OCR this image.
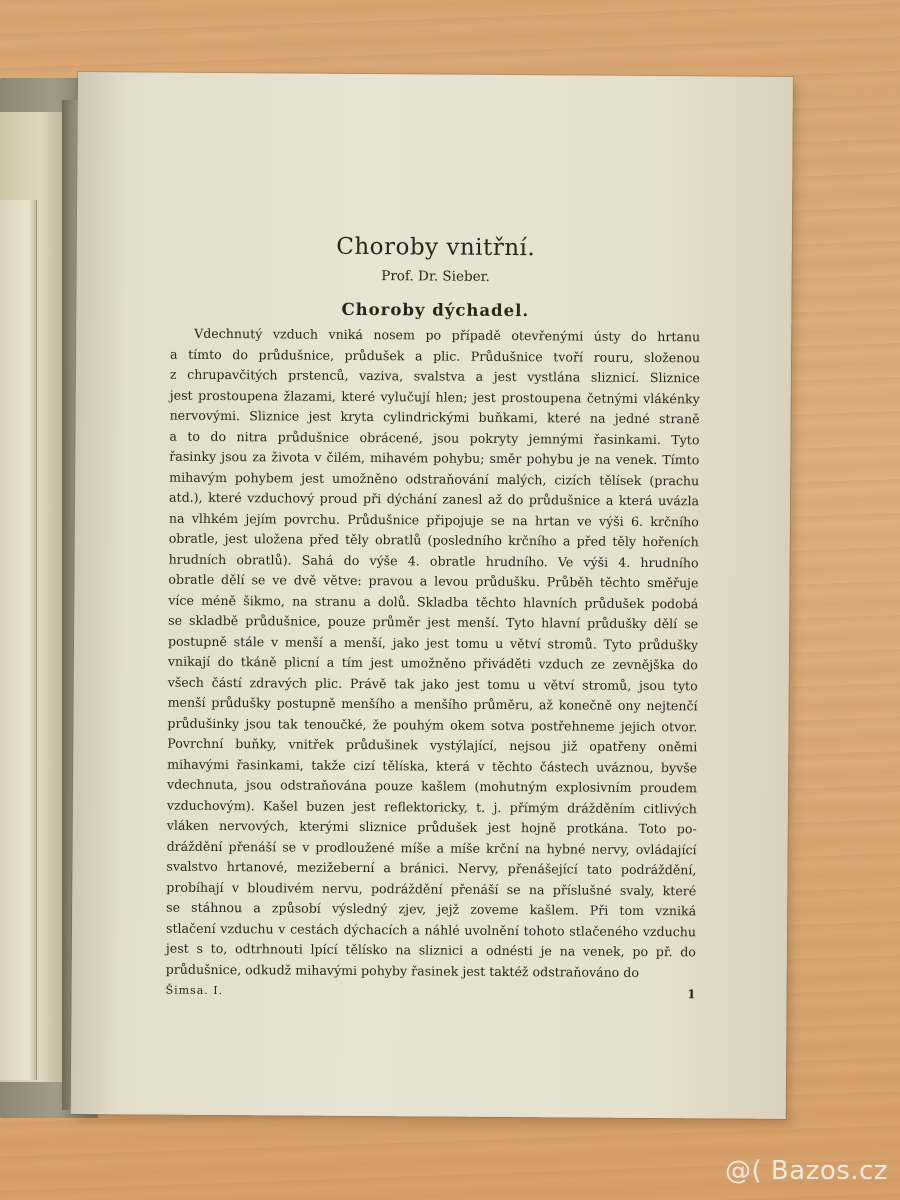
Choroby vnitřní.
Prof. Dr. Sieber.
Choroby dýchadel.
Vdechnutý vzduch vniká nosem po případě otevřenými ústy do hrtanu
a tímto do průdušnice, průdušek a plic. Průdušnice tvoří rouru, složenou
z chrupavčitých prstenců, vaziva, svalstva a jest vystlána sliznicí. Sliznice
jest prostoupena žlazami, které vylučují hlen; jest prostoupena četnými vlákénky
nervovými. Sliznice jest kryta cylindrickými buňkami, které na jedné straně
a to do nitra průdušnice obrácené, jsou pokryty jemnými řasinkami. Tyto
řasinky jsou za života v čilém, mihavém pohybu; směr pohybu je na venek. Tímto
mihavým pohybem jest umožněno odstraňování malých, cizích tělísek (prachu
atd.), které vzduchový proud při dýchání zanesl až do průdušnice a která uvázla
na vlhkém jejím povrchu. Průdušnice připojuje se na hrtan ve výši 6. krčního
obratle, jest uložena před těly obratlů (posledního krčního a před těly hořeních
hrudních obratlů). Sahá do výše 4. obratle hrudního. Ve výši 4. hrudního
obratle dělí se ve dvě větve: pravou a levou průdušku. Průběh těchto směřuje
více méně šikmo, na stranu a dolů. Skladba těchto hlavních průdušek podobá
se skladbě průdušnice, pouze průměr jest menší. Tyto hlavní průdušky dělí se
postupně stále v menší a menší, jako jest tomu u větví stromů. Tyto průdušky
vnikají do tkáně plicní a tím jest umožněno přiváděti vzduch ze zevnějška do
všech částí zdravých plic. Právě tak jako jest tomu u větví stromů, jsou tyto
menší průdušky postupně menšího a menšího průměru, až konečně ony nejtenčí
průdušinky jsou tak tenoučké, že pouhým okem sotva postřehneme jejich otvor.
Povrchní buňky, vnitřek průdušinek vystýlající, nejsou již opatřeny oněmi
mihavými řasinkami, takže cizí tělíska, která v těchto částech uváznou, byvše
vdechnuta, jsou odstraňována pouze kašlem (mohutným explosivním proudem
vzduchovým). Kašel buzen jest reflektoricky, t. j. přímým drážděním citlivých
vláken nervových, kterými sliznice průdušek jest hojně protkána. Toto po-
dráždění přenáší se v prodloužené míše a míše krční na hybné nervy, ovládající
svalstvo hrtanové, mezižeberní a bránici. Nervy, přenášející tato podráždění,
probíhají v bloudivém nervu, podráždění přenáší se na příslušné svaly, které
se stáhnou a způsobí výsledný zjev, jejž zoveme kašlem. Při tom vzniká
stlačení vzduchu v cestách dýchacích a náhlé uvolnění tohoto stlačeného vzduchu
jest s to, odtrhnouti lpící tělísko na sliznici a odnésti je na venek, po př. do
průdušnice, odkudž mihavými pohyby řasinek jest taktéž odstraňováno do
Šimsa. I.	1
@( Bazos.cz
